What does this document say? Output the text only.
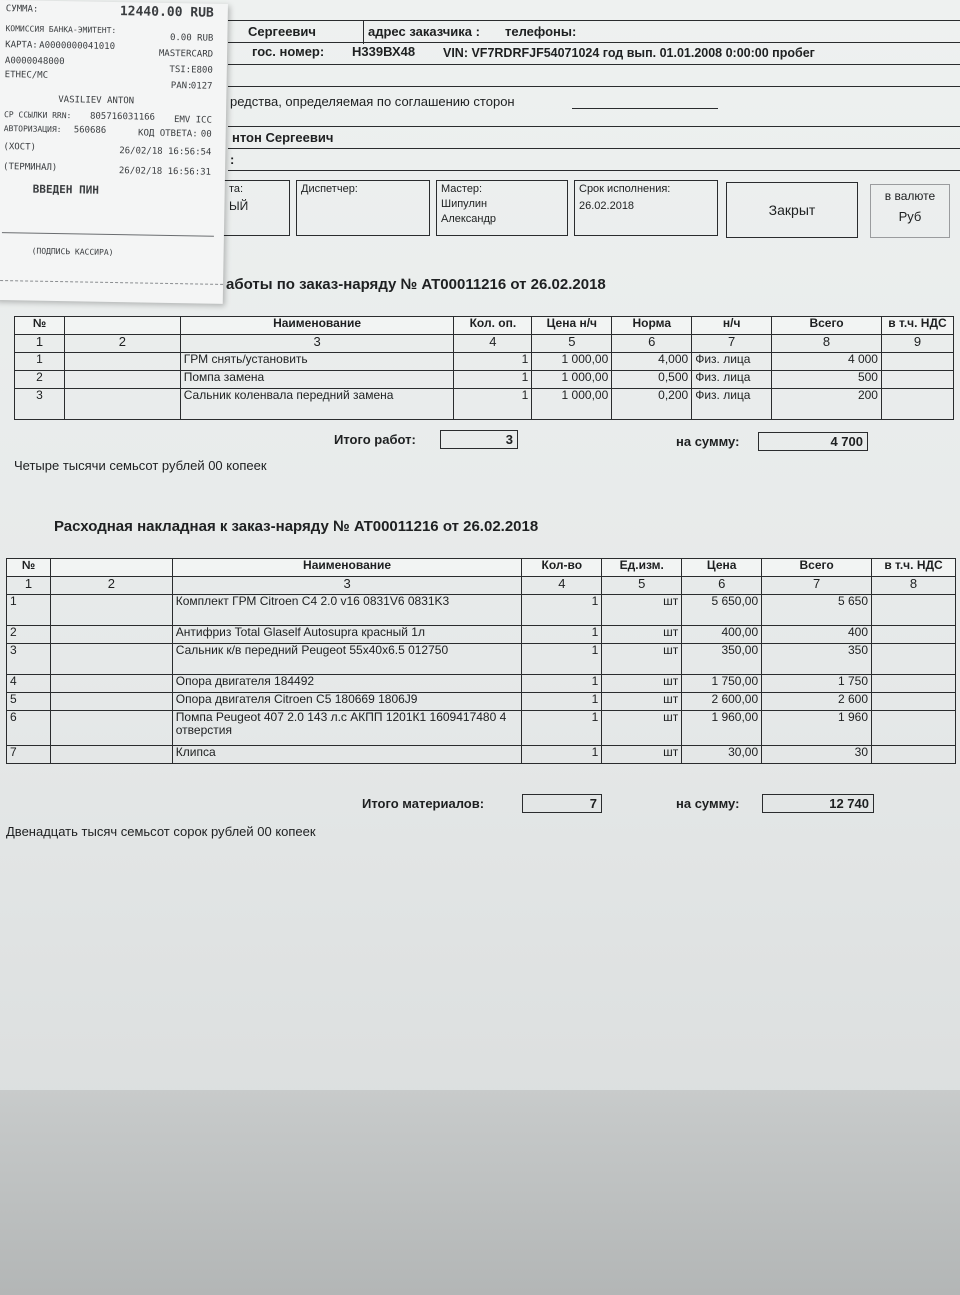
Сергеевич	адрес заказчика : телефоны:
гос. номер: Н339ВХ48 VIN: VF7RDRFJF54071024 год вып. 01.01.2008 0:00:00 пробег
редства, определяемая по соглашению сторон
нтон Сергеевич
:
та:
ЫЙ
Диспетчер:	Мастер:
Шипулин
Александр
Срок исполнения:
26.02.2018	Закрыт
в валюте
Руб
аботы по заказ-наряду № AT00011216 от 26.02.2018
№		Наименование	Кол. оп.	Цена н/ч	Норма	н/ч	Всего	в т.ч. НДС
1	2	3	4	5	6	7	8	9
1		ГРМ снять/установить	1	1 000,00	4,000	Физ. лица	4 000	
2		Помпа замена	1	1 000,00	0,500	Физ. лица	500	
3		Сальник коленвала передний замена	1	1 000,00	0,200	Физ. лица	200	
Итого работ:	3	на сумму:	4 700
Четыре тысячи семьсот рублей 00 копеек
Расходная накладная к заказ-наряду № AT00011216 от 26.02.2018
№		Наименование	Кол-во	Ед.изм.	Цена	Всего	в т.ч. НДС
1	2	3	4	5	6	7	8
1		Комплект ГРМ Citroen C4 2.0 v16 0831V6 0831K3	1	шт	5 650,00	5 650	
2		Антифриз Total Glaself Autosupra красный 1л	1	шт	400,00	400	
3		Сальник к/в передний Peugeot 55х40х6.5 012750	1	шт	350,00	350	
4		Опора двигателя 184492	1	шт	1 750,00	1 750	
5		Опора двигателя Citroen C5 180669 1806J9	1	шт	2 600,00	2 600	
6		Помпа Peugeot 407 2.0 143 л.с АКПП 1201К1 1609417480 4 отверстия	1	шт	1 960,00	1 960	
7		Клипса	1	шт	30,00	30	
Итого материалов:	7	на сумму:	12 740
Двенадцать тысяч семьсот сорок рублей 00 копеек
СУММА:	12440.00 RUB
КОМИССИЯ БАНКА-ЭМИТЕНТ:
0.00 RUB
КАРТА: A0000000041010
MASTERCARD
A0000048000
TSI:E800
ETHEC/MC
PAN:
0127
VASILIEV ANTON
СР ССЫЛКИ RRN: 805716031166 EMV ICC
АВТОРИЗАЦИЯ: 560686	КОД ОТВЕТА: 00
(ХОСТ)	26/02/18 16:56:54
(ТЕРМИНАЛ)	26/02/18 16:56:31
ВВЕДЕН ПИН
(ПОДПИСЬ КАССИРА)
